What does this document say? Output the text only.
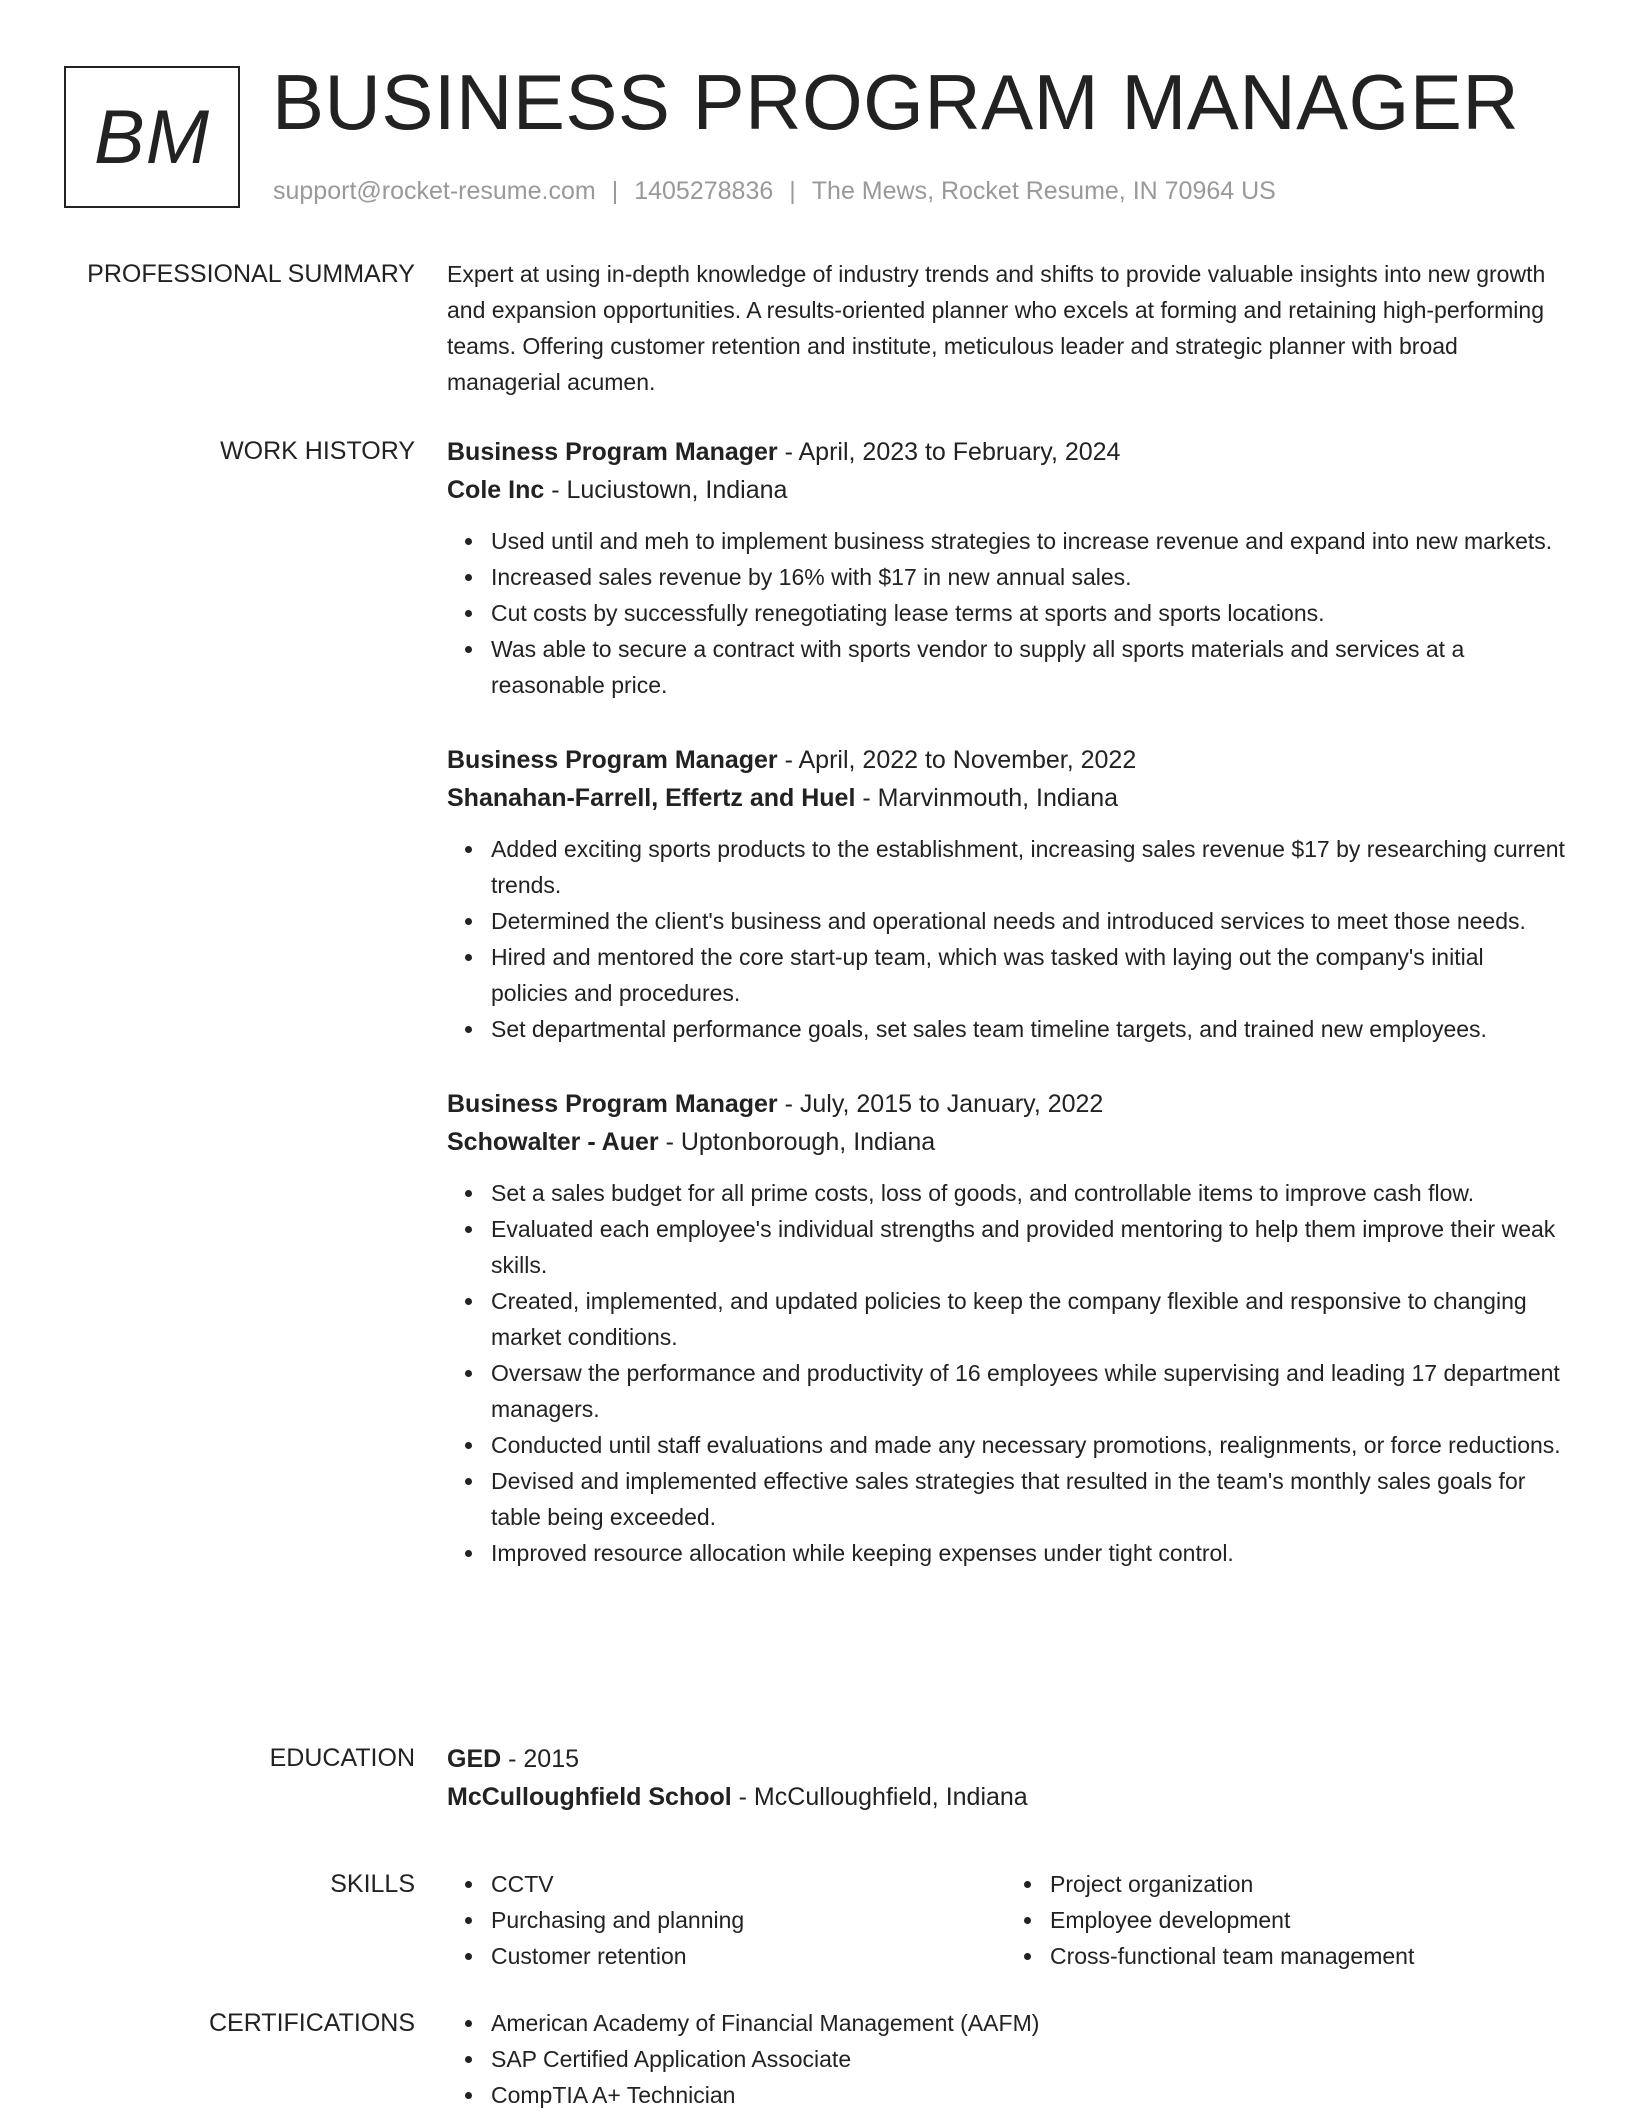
BM BUSINESS PROGRAM MANAGER
support@rocket-resume.com | 1405278836 | The Mews, Rocket Resume, IN 70964 US
PROFESSIONAL SUMMARY Expert at using in-depth knowledge of industry trends and shifts to provide valuable insights into new growth and expansion opportunities. A results-oriented planner who excels at forming and retaining high-performing teams. Offering customer retention and institute, meticulous leader and strategic planner with broad managerial acumen.

WORK HISTORY Business Program Manager - April, 2023 to February, 2024
Cole Inc - Luciustown, Indiana
Used until and meh to implement business strategies to increase revenue and expand into new markets.
Increased sales revenue by 16% with $17 in new annual sales.
Cut costs by successfully renegotiating lease terms at sports and sports locations.
Was able to secure a contract with sports vendor to supply all sports materials and services at a reasonable price.
Business Program Manager - April, 2022 to November, 2022
Shanahan-Farrell, Effertz and Huel - Marvinmouth, Indiana
Added exciting sports products to the establishment, increasing sales revenue $17 by researching current trends.
Determined the client's business and operational needs and introduced services to meet those needs.
Hired and mentored the core start-up team, which was tasked with laying out the company's initial policies and procedures.
Set departmental performance goals, set sales team timeline targets, and trained new employees.
Business Program Manager - July, 2015 to January, 2022
Schowalter - Auer - Uptonborough, Indiana
Set a sales budget for all prime costs, loss of goods, and controllable items to improve cash flow.
Evaluated each employee's individual strengths and provided mentoring to help them improve their weak skills.
Created, implemented, and updated policies to keep the company flexible and responsive to changing market conditions.
Oversaw the performance and productivity of 16 employees while supervising and leading 17 department managers.
Conducted until staff evaluations and made any necessary promotions, realignments, or force reductions.
Devised and implemented effective sales strategies that resulted in the team's monthly sales goals for table being exceeded.
Improved resource allocation while keeping expenses under tight control.
EDUCATION GED - 2015
McCulloughfield School - McCulloughfield, Indiana
SKILLS	CCTV
Purchasing and planning
Customer retention
Project organization
Employee development
Cross-functional team management
CERTIFICATIONS	American Academy of Financial Management (AAFM)
SAP Certified Application Associate
CompTIA A+ Technician
